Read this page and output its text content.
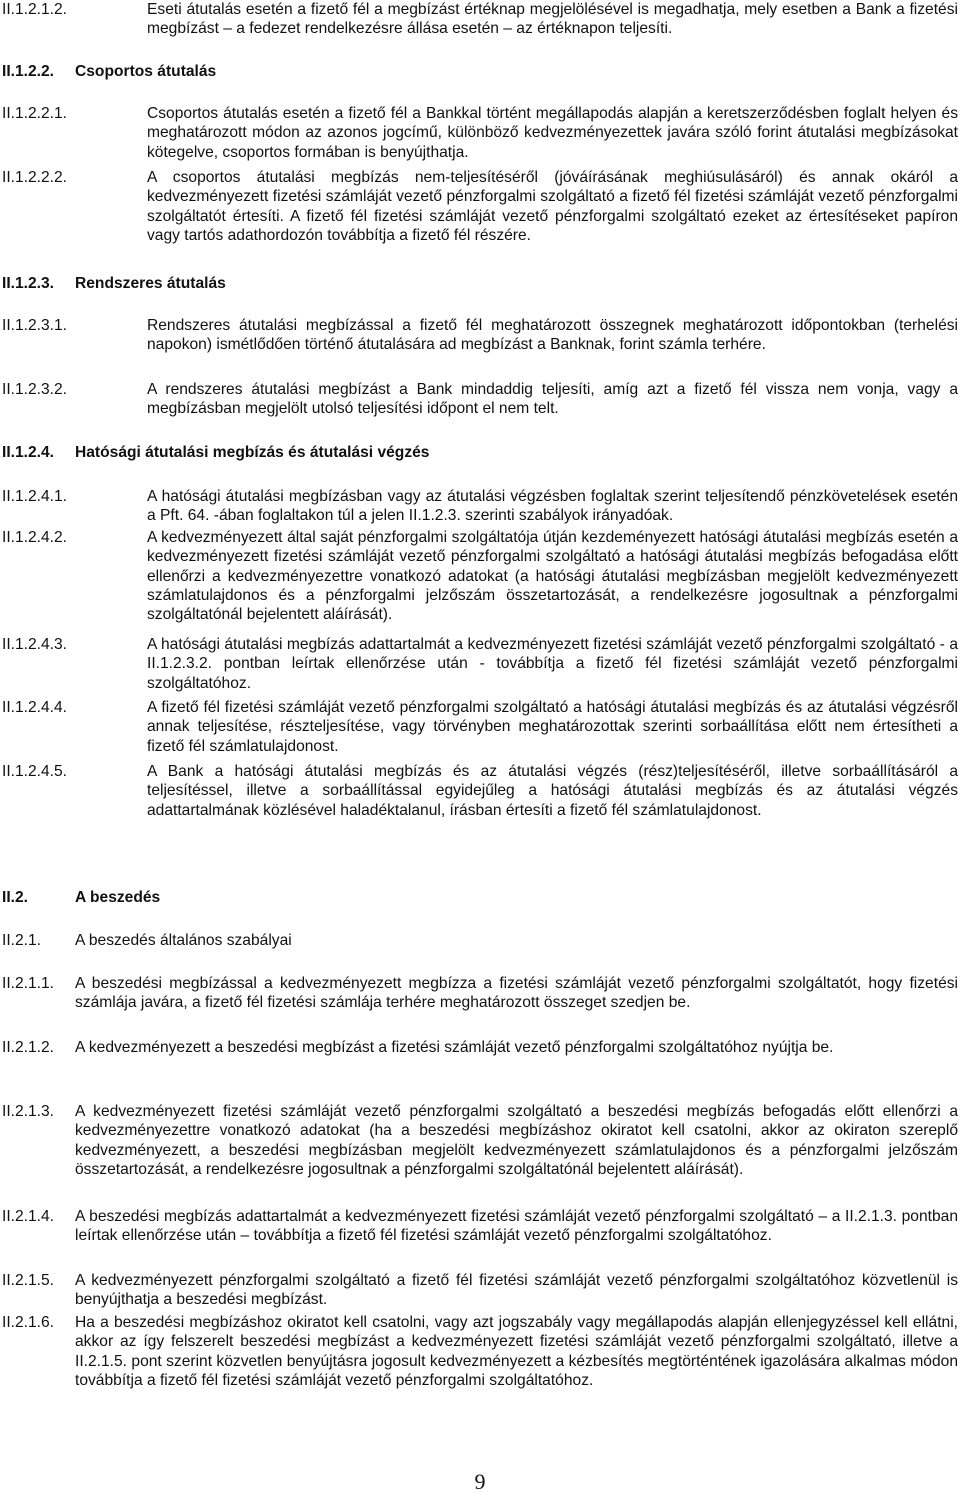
II.1.2.1.2.	Eseti átutalás esetén a fizető fél a megbízást értéknap megjelölésével is megadhatja, mely esetben a Bank a fizetési megbízást – a fedezet rendelkezésre állása esetén – az értéknapon teljesíti.
II.1.2.2. Csoportos átutalás
II.1.2.2.1.	Csoportos átutalás esetén a fizető fél a Bankkal történt megállapodás alapján a keretszerződésben foglalt helyen és meghatározott módon az azonos jogcímű, különböző kedvezményezettek javára szóló forint átutalási megbízásokat kötegelve, csoportos formában is benyújthatja.
II.1.2.2.2.	A csoportos átutalási megbízás nem-teljesítéséről (jóváírásának meghiúsulásáról) és annak okáról a kedvezményezett fizetési számláját vezető pénzforgalmi szolgáltató a fizető fél fizetési számláját vezető pénzforgalmi szolgáltatót értesíti. A fizető fél fizetési számláját vezető pénzforgalmi szolgáltató ezeket az értesítéseket papíron vagy tartós adathordozón továbbítja a fizető fél részére.
II.1.2.3. Rendszeres átutalás
II.1.2.3.1.	Rendszeres átutalási megbízással a fizető fél meghatározott összegnek meghatározott időpontokban (terhelési napokon) ismétlődően történő átutalására ad megbízást a Banknak, forint számla terhére.
II.1.2.3.2.	A rendszeres átutalási megbízást a Bank mindaddig teljesíti, amíg azt a fizető fél vissza nem vonja, vagy a megbízásban megjelölt utolsó teljesítési időpont el nem telt.
II.1.2.4. Hatósági átutalási megbízás és átutalási végzés
II.1.2.4.1.	A hatósági átutalási megbízásban vagy az átutalási végzésben foglaltak szerint teljesítendő pénzkövetelések esetén a Pft. 64. -ában foglaltakon túl a jelen II.1.2.3. szerinti szabályok irányadóak.
II.1.2.4.2.	A kedvezményezett által saját pénzforgalmi szolgáltatója útján kezdeményezett hatósági átutalási megbízás esetén a kedvezményezett fizetési számláját vezető pénzforgalmi szolgáltató a hatósági átutalási megbízás befogadása előtt ellenőrzi a kedvezményezettre vonatkozó adatokat (a hatósági átutalási megbízásban megjelölt kedvezményezett számlatulajdonos és a pénzforgalmi jelzőszám összetartozását, a rendelkezésre jogosultnak a pénzforgalmi szolgáltatónál bejelentett aláírását).
II.1.2.4.3.	A hatósági átutalási megbízás adattartalmát a kedvezményezett fizetési számláját vezető pénzforgalmi szolgáltató - a II.1.2.3.2. pontban leírtak ellenőrzése után - továbbítja a fizető fél fizetési számláját vezető pénzforgalmi szolgáltatóhoz.
II.1.2.4.4.	A fizető fél fizetési számláját vezető pénzforgalmi szolgáltató a hatósági átutalási megbízás és az átutalási végzésről annak teljesítése, részteljesítése, vagy törvényben meghatározottak szerinti sorbaállítása előtt nem értesítheti a fizető fél számlatulajdonost.
II.1.2.4.5.	A Bank a hatósági átutalási megbízás és az átutalási végzés (rész)teljesítéséről, illetve sorbaállításáról a teljesítéssel, illetve a sorbaállítással egyidejűleg a hatósági átutalási megbízás és az átutalási végzés adattartalmának közlésével haladéktalanul, írásban értesíti a fizető fél számlatulajdonost.
II.2.	A beszedés
II.2.1. A beszedés általános szabályai
II.2.1.1. A beszedési megbízással a kedvezményezett megbízza a fizetési számláját vezető pénzforgalmi szolgáltatót, hogy fizetési számlája javára, a fizető fél fizetési számlája terhére meghatározott összeget szedjen be.
II.2.1.2. A kedvezményezett a beszedési megbízást a fizetési számláját vezető pénzforgalmi szolgáltatóhoz nyújtja be.
II.2.1.3. A kedvezményezett fizetési számláját vezető pénzforgalmi szolgáltató a beszedési megbízás befogadás előtt ellenőrzi a kedvezményezettre vonatkozó adatokat (ha a beszedési megbízáshoz okiratot kell csatolni, akkor az okiraton szereplő kedvezményezett, a beszedési megbízásban megjelölt kedvezményezett számlatulajdonos és a pénzforgalmi jelzőszám összetartozását, a rendelkezésre jogosultnak a pénzforgalmi szolgáltatónál bejelentett aláírását).
II.2.1.4. A beszedési megbízás adattartalmát a kedvezményezett fizetési számláját vezető pénzforgalmi szolgáltató – a II.2.1.3. pontban leírtak ellenőrzése után – továbbítja a fizető fél fizetési számláját vezető pénzforgalmi szolgáltatóhoz.
II.2.1.5. A kedvezményezett pénzforgalmi szolgáltató a fizető fél fizetési számláját vezető pénzforgalmi szolgáltatóhoz közvetlenül is benyújthatja a beszedési megbízást.
II.2.1.6. Ha a beszedési megbízáshoz okiratot kell csatolni, vagy azt jogszabály vagy megállapodás alapján ellenjegyzéssel kell ellátni, akkor az így felszerelt beszedési megbízást a kedvezményezett fizetési számláját vezető pénzforgalmi szolgáltató, illetve a II.2.1.5. pont szerint közvetlen benyújtásra jogosult kedvezményezett a kézbesítés megtörténtének igazolására alkalmas módon továbbítja a fizető fél fizetési számláját vezető pénzforgalmi szolgáltatóhoz.
9
